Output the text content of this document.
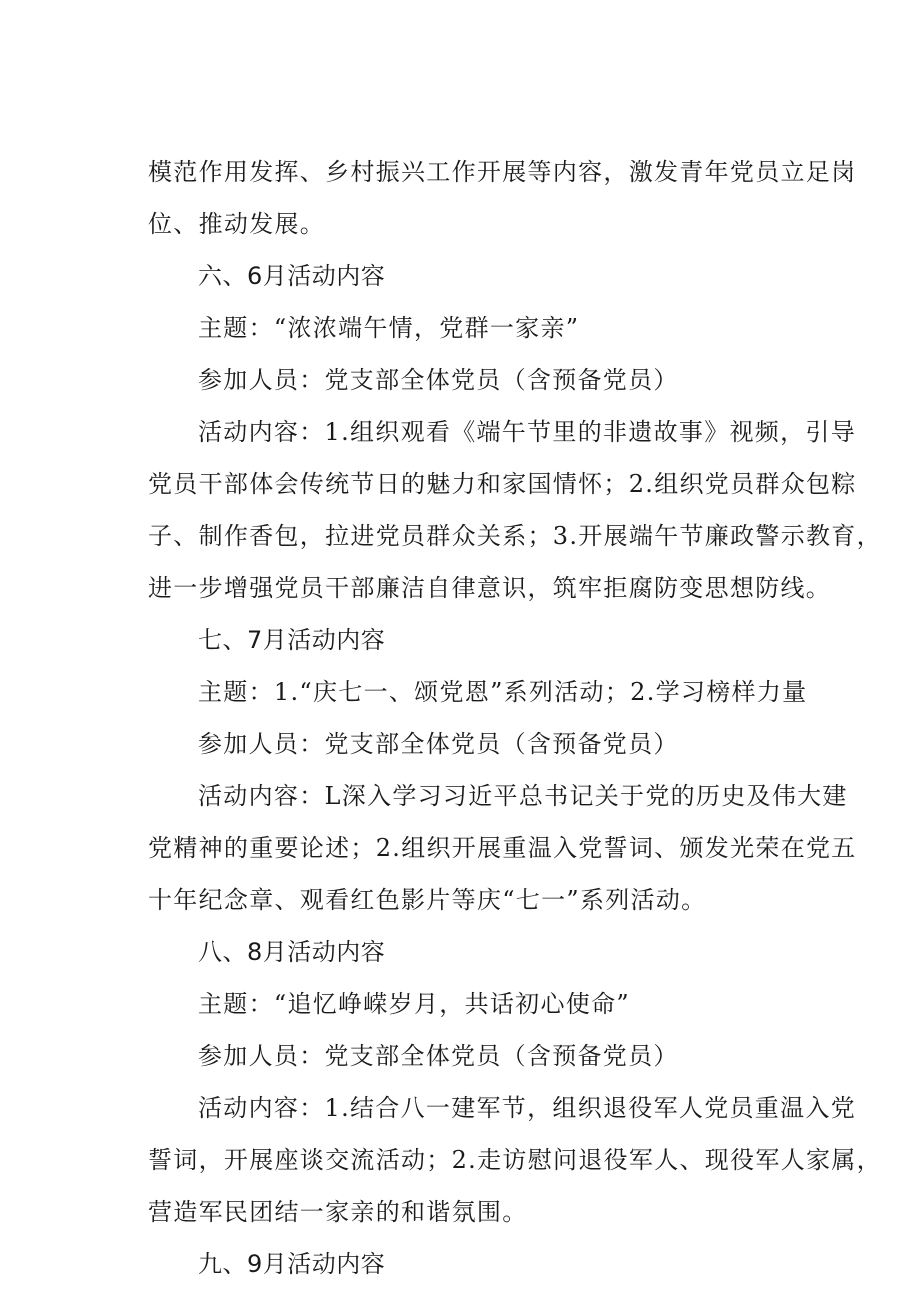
模范作用发挥、乡村振兴工作开展等内容，激发青年党员立足岗

位、推动发展。

六、6月活动内容

主题：“浓浓端午情，党群一家亲”

参加人员：党支部全体党员（含预备党员）

活动内容：1.组织观看《端午节里的非遗故事》视频，引导

党员干部体会传统节日的魅力和家国情怀；2.组织党员群众包粽

子、制作香包，拉进党员群众关系；3.开展端午节廉政警示教育，

进一步增强党员干部廉洁自律意识，筑牢拒腐防变思想防线。

七、7月活动内容

主题：1.“庆七一、颂党恩”系列活动；2.学习榜样力量

参加人员：党支部全体党员（含预备党员）

活动内容：L深入学习习近平总书记关于党的历史及伟大建

党精神的重要论述；2.组织开展重温入党誓词、颁发光荣在党五

十年纪念章、观看红色影片等庆“七一”系列活动。

八、8月活动内容

主题：“追忆峥嵘岁月，共话初心使命”

参加人员：党支部全体党员（含预备党员）

活动内容：1.结合八一建军节，组织退役军人党员重温入党

誓词，开展座谈交流活动；2.走访慰问退役军人、现役军人家属，

营造军民团结一家亲的和谐氛围。

九、9月活动内容
